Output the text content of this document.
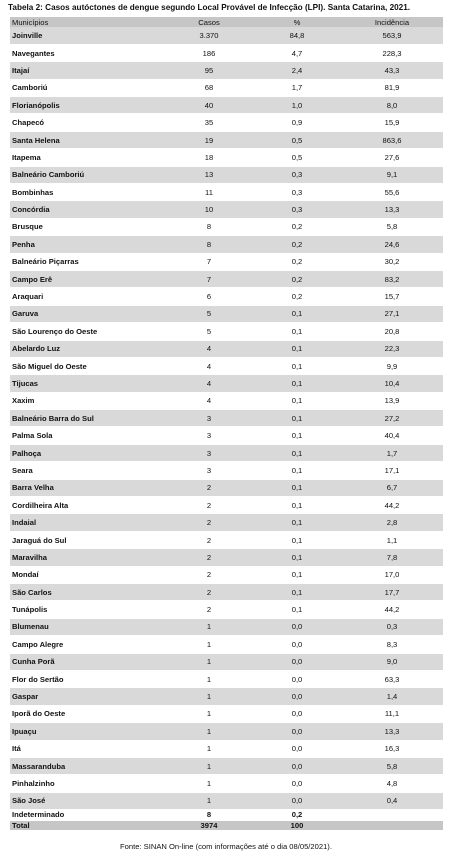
Tabela 2: Casos autóctones de dengue segundo Local Provável de Infecção (LPI). Santa Catarina, 2021.
Municípios	Casos	%	Incidência
Joinville	3.370	84,8	563,9
Navegantes	186	4,7	228,3
Itajaí	95	2,4	43,3
Camboriú	68	1,7	81,9
Florianópolis	40	1,0	8,0
Chapecó	35	0,9	15,9
Santa Helena	19	0,5	863,6
Itapema	18	0,5	27,6
Balneário Camboriú	13	0,3	9,1
Bombinhas	11	0,3	55,6
Concórdia	10	0,3	13,3
Brusque	8	0,2	5,8
Penha	8	0,2	24,6
Balneário Piçarras	7	0,2	30,2
Campo Erê	7	0,2	83,2
Araquari	6	0,2	15,7
Garuva	5	0,1	27,1
São Lourenço do Oeste	5	0,1	20,8
Abelardo Luz	4	0,1	22,3
São Miguel do Oeste	4	0,1	9,9
Tijucas	4	0,1	10,4
Xaxim	4	0,1	13,9
Balneário Barra do Sul	3	0,1	27,2
Palma Sola	3	0,1	40,4
Palhoça	3	0,1	1,7
Seara	3	0,1	17,1
Barra Velha	2	0,1	6,7
Cordilheira Alta	2	0,1	44,2
Indaial	2	0,1	2,8
Jaraguá do Sul	2	0,1	1,1
Maravilha	2	0,1	7,8
Mondaí	2	0,1	17,0
São Carlos	2	0,1	17,7
Tunápolis	2	0,1	44,2
Blumenau	1	0,0	0,3
Campo Alegre	1	0,0	8,3
Cunha Porã	1	0,0	9,0
Flor do Sertão	1	0,0	63,3
Gaspar	1	0,0	1,4
Iporã do Oeste	1	0,0	11,1
Ipuaçu	1	0,0	13,3
Itá	1	0,0	16,3
Massaranduba	1	0,0	5,8
Pinhalzinho	1	0,0	4,8
São José	1	0,0	0,4
Indeterminado	8	0,2	
Total	3974	100	
Fonte: SINAN On-line (com informações até o dia 08/05/2021).
